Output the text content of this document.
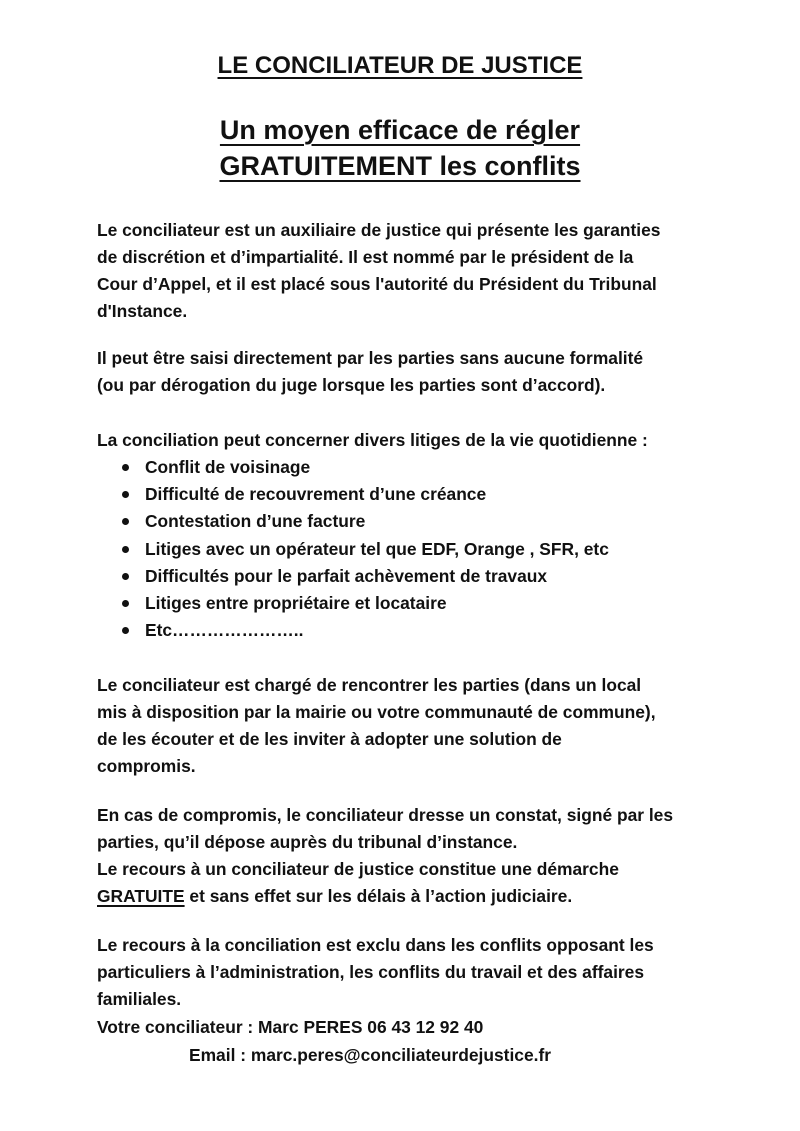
LE CONCILIATEUR DE JUSTICE
Un moyen efficace de régler
GRATUITEMENT les conflits
Le conciliateur est un auxiliaire de justice qui présente les garanties
de discrétion et d’impartialité. Il est nommé par le président de la
Cour d’Appel, et il est placé sous l'autorité du Président du Tribunal
d'Instance.
Il peut être saisi directement par les parties sans aucune formalité
(ou par dérogation du juge lorsque les parties sont d’accord).
La conciliation peut concerner divers litiges de la vie quotidienne :
Conflit de voisinage
Difficulté de recouvrement d’une créance
Contestation d’une facture
Litiges avec un opérateur tel que EDF, Orange , SFR, etc
Difficultés pour le parfait achèvement de travaux
Litiges entre propriétaire et locataire
Etc…………………..
Le conciliateur est chargé de rencontrer les parties (dans un local
mis à disposition par la mairie ou votre communauté de commune),
de les écouter et de les inviter à adopter une solution de
compromis.
En cas de compromis, le conciliateur dresse un constat, signé par les
parties, qu’il dépose auprès du tribunal d’instance.
Le recours à un conciliateur de justice constitue une démarche
GRATUITE et sans effet sur les délais à l’action judiciaire.
Le recours à la conciliation est exclu dans les conflits opposant les
particuliers à l’administration, les conflits du travail et des affaires
familiales.
Votre conciliateur : Marc PERES 06 43 12 92 40
Email : marc.peres@conciliateurdejustice.fr
